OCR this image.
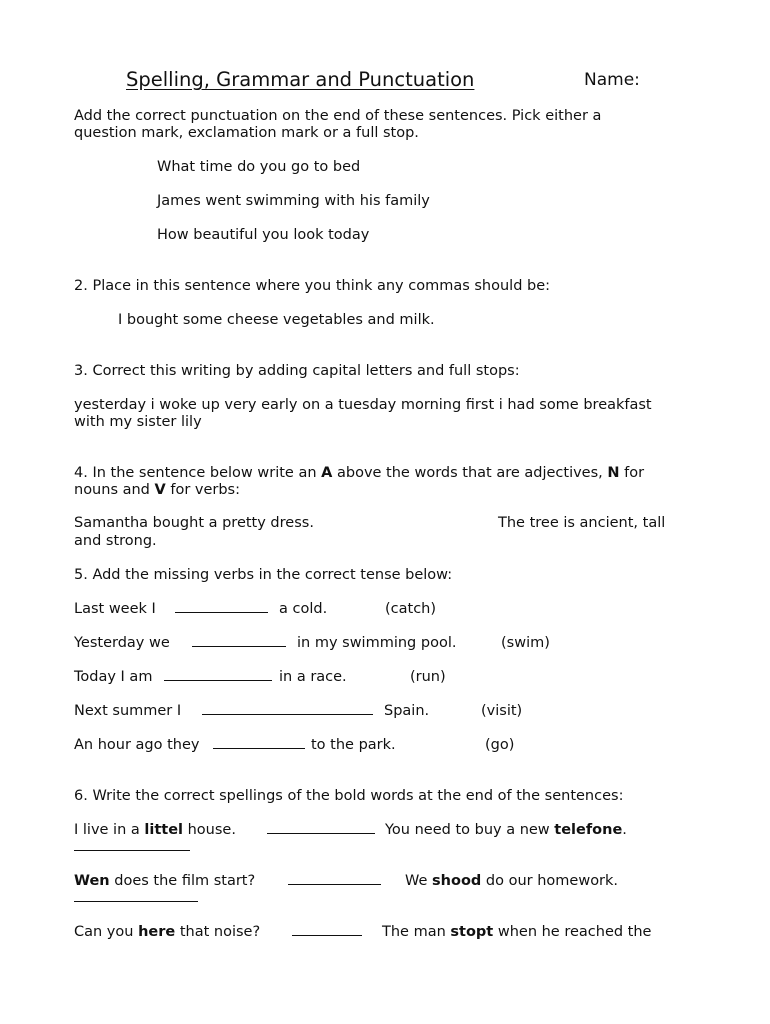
Spelling, Grammar and Punctuation	Name:
Add the correct punctuation on the end of these sentences. Pick either a
question mark, exclamation mark or a full stop.
What time do you go to bed
James went swimming with his family
How beautiful you look today
2. Place in this sentence where you think any commas should be:
I bought some cheese vegetables and milk.
3. Correct this writing by adding capital letters and full stops:
yesterday i woke up very early on a tuesday morning first i had some breakfast
with my sister lily
4. In the sentence below write an A above the words that are adjectives, N for
nouns and V for verbs:
Samantha bought a pretty dress.	The tree is ancient, tall
and strong.
5. Add the missing verbs in the correct tense below:
Last week I	a cold.	(catch)
Yesterday we	in my swimming pool.	(swim)
Today I am	in a race.	(run)
Next summer I	Spain.	(visit)
An hour ago they	to the park.	(go)
6. Write the correct spellings of the bold words at the end of the sentences:
I live in a littel house.	You need to buy a new telefone.
Wen does the film start?	We shood do our homework.
Can you here that noise?	The man stopt when he reached the
